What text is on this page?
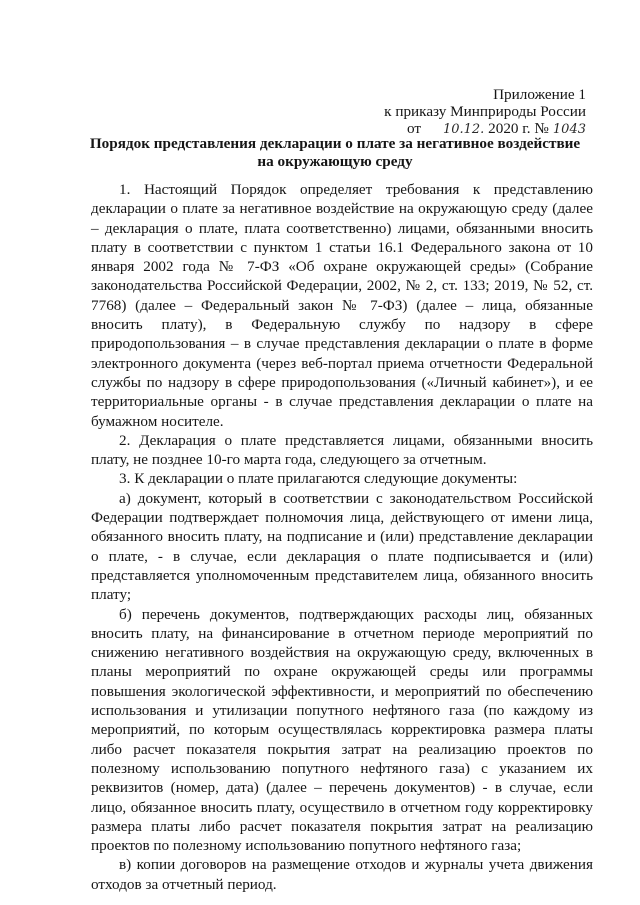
Приложение 1
к приказу Минприроды России
от 10.12. 2020 г. № 1043
Порядок представления декларации о плате за негативное воздействие
на окружающую среду

1. Настоящий Порядок определяет требования к представлению декларации о плате за негативное воздействие на окружающую среду (далее – декларация о плате, плата соответственно) лицами, обязанными вносить плату в соответствии с пунктом 1 статьи 16.1 Федерального закона от 10 января 2002 года № 7-ФЗ «Об охране окружающей среды» (Собрание законодательства Российской Федерации, 2002, № 2, ст. 133; 2019, № 52, ст. 7768) (далее – Федеральный закон № 7-ФЗ) (далее – лица, обязанные вносить плату), в Федеральную службу по надзору в сфере природопользования – в случае представления декларации о плате в форме электронного документа (через веб-портал приема отчетности Федеральной службы по надзору в сфере природопользования («Личный кабинет»), и ее территориальные органы - в случае представления декларации о плате на бумажном носителе.

2. Декларация о плате представляется лицами, обязанными вносить плату, не позднее 10-го марта года, следующего за отчетным.

3. К декларации о плате прилагаются следующие документы:

а) документ, который в соответствии с законодательством Российской Федерации подтверждает полномочия лица, действующего от имени лица, обязанного вносить плату, на подписание и (или) представление декларации о плате, - в случае, если декларация о плате подписывается и (или) представляется уполномоченным представителем лица, обязанного вносить плату;

б) перечень документов, подтверждающих расходы лиц, обязанных вносить плату, на финансирование в отчетном периоде мероприятий по снижению негативного воздействия на окружающую среду, включенных в планы мероприятий по охране окружающей среды или программы повышения экологической эффективности, и мероприятий по обеспечению использования и утилизации попутного нефтяного газа (по каждому из мероприятий, по которым осуществлялась корректировка размера платы либо расчет показателя покрытия затрат на реализацию проектов по полезному использованию попутного нефтяного газа) с указанием их реквизитов (номер, дата) (далее – перечень документов) - в случае, если лицо, обязанное вносить плату, осуществило в отчетном году корректировку размера платы либо расчет показателя покрытия затрат на реализацию проектов по полезному использованию попутного нефтяного газа;

в) копии договоров на размещение отходов и журналы учета движения отходов за отчетный период.
